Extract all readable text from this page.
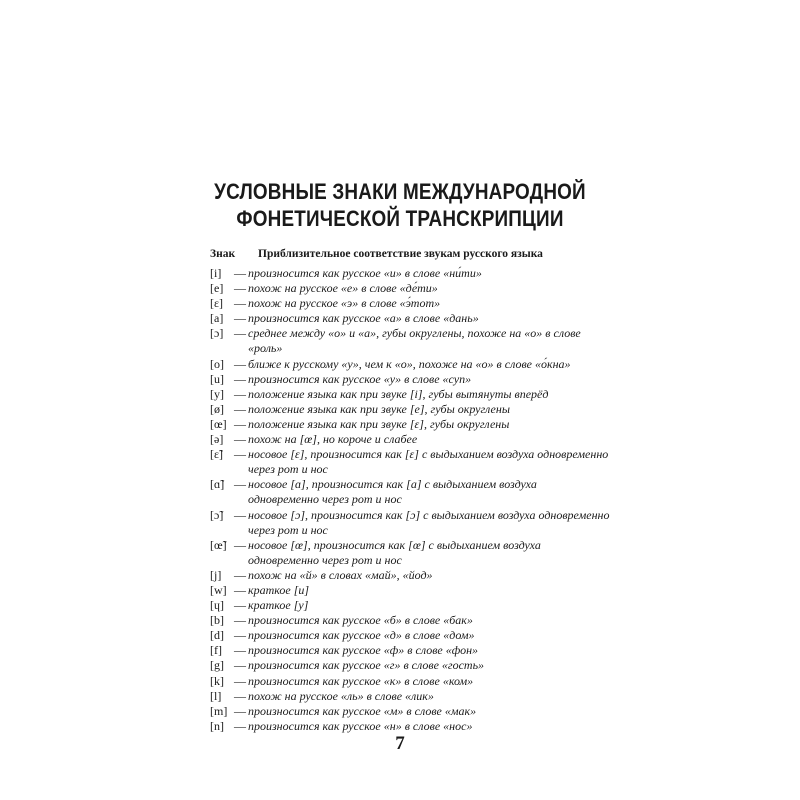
УСЛОВНЫЕ ЗНАКИ МЕЖДУНАРОДНОЙ
ФОНЕТИЧЕСКОЙ ТРАНСКРИПЦИИ
Знак Приблизительное соответствие звукам русского языка
[i] — произносится как русское «и» в слове «ни́ти»
[e] — похож на русское «е» в слове «де́ти»
[ɛ] — похож на русское «э» в слове «э́тот»
[a] — произносится как русское «а» в слове «дань»
[ɔ] — среднее между «о» и «а», губы округлены, похоже на «о» в слове «роль»
[o] — ближе к русскому «у», чем к «о», похоже на «о» в слове «о́кна»
[u] — произносится как русское «у» в слове «суп»
[y] — положение языка как при звуке [i], губы вытянуты вперёд
[ø] — положение языка как при звуке [e], губы округлены
[œ] — положение языка как при звуке [ɛ], губы округлены
[ə] — похож на [œ], но короче и слабее
[ɛ̃] — носовое [ɛ], произносится как [ɛ] с выдыханием воздуха одновременно через рот и нос
[ɑ̃] — носовое [ɑ], произносится как [a] с выдыханием воздуха одновременно через рот и нос
[ɔ̃] — носовое [ɔ], произносится как [ɔ] с выдыханием воздуха одновременно через рот и нос
[œ̃] — носовое [œ], произносится как [œ] с выдыханием воздуха одновременно через рот и нос
[j] — похож на «й» в словах «май», «йод»
[w] — краткое [u]
[ɥ] — краткое [y]
[b] — произносится как русское «б» в слове «бак»
[d] — произносится как русское «д» в слове «дом»
[f] — произносится как русское «ф» в слове «фон»
[g] — произносится как русское «г» в слове «гость»
[k] — произносится как русское «к» в слове «ком»
[l] — похож на русское «ль» в слове «лик»
[m] — произносится как русское «м» в слове «мак»
[n] — произносится как русское «н» в слове «нос»
7
